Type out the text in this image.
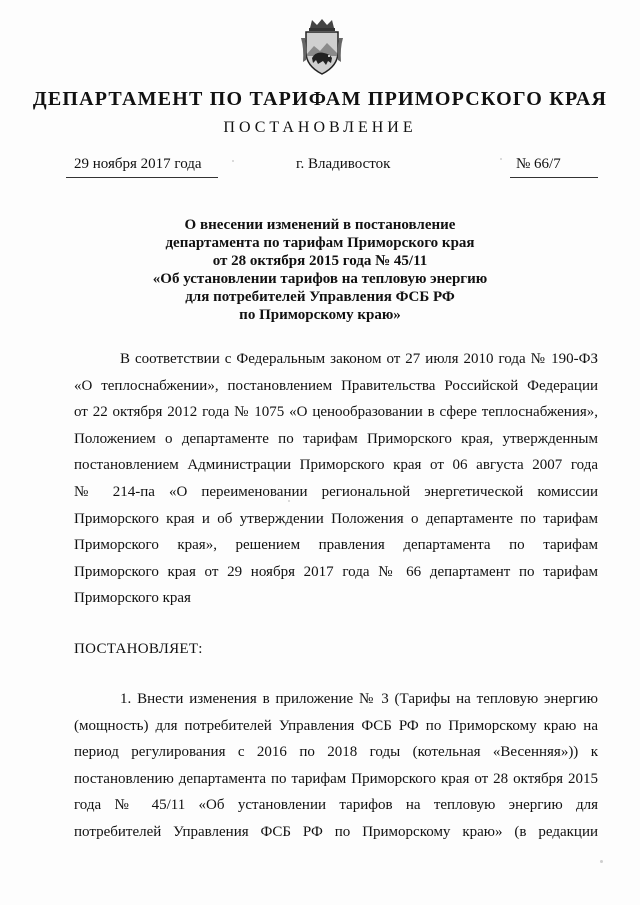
ДЕПАРТАМЕНТ ПО ТАРИФАМ ПРИМОРСКОГО КРАЯ
ПОСТАНОВЛЕНИЕ
29 ноября 2017 года	г. Владивосток	№ 66/7
О внесении изменений в постановление
департамента по тарифам Приморского края
от 28 октября 2015 года № 45/11
«Об установлении тарифов на тепловую энергию
для потребителей Управления ФСБ РФ
по Приморскому краю»
В соответствии с Федеральным законом от 27 июля 2010 года № 190-ФЗ
«О теплоснабжении», постановлением Правительства Российской Федерации
от 22 октября 2012 года № 1075 «О ценообразовании в сфере теплоснабжения»,
Положением о департаменте по тарифам Приморского края, утвержденным
постановлением Администрации Приморского края от 06 августа 2007 года
№ 214-па «О переименовании региональной энергетической комиссии
Приморского края и об утверждении Положения о департаменте по тарифам
Приморского края», решением правления департамента по тарифам
Приморского края от 29 ноября 2017 года № 66 департамент по тарифам
Приморского края
ПОСТАНОВЛЯЕТ:
1. Внести изменения в приложение № 3 (Тарифы на тепловую энергию
(мощность) для потребителей Управления ФСБ РФ по Приморскому краю на
период регулирования с 2016 по 2018 годы (котельная «Весенняя»)) к
постановлению департамента по тарифам Приморского края от 28 октября 2015
года № 45/11 «Об установлении тарифов на тепловую энергию для
потребителей Управления ФСБ РФ по Приморскому краю» (в редакции
